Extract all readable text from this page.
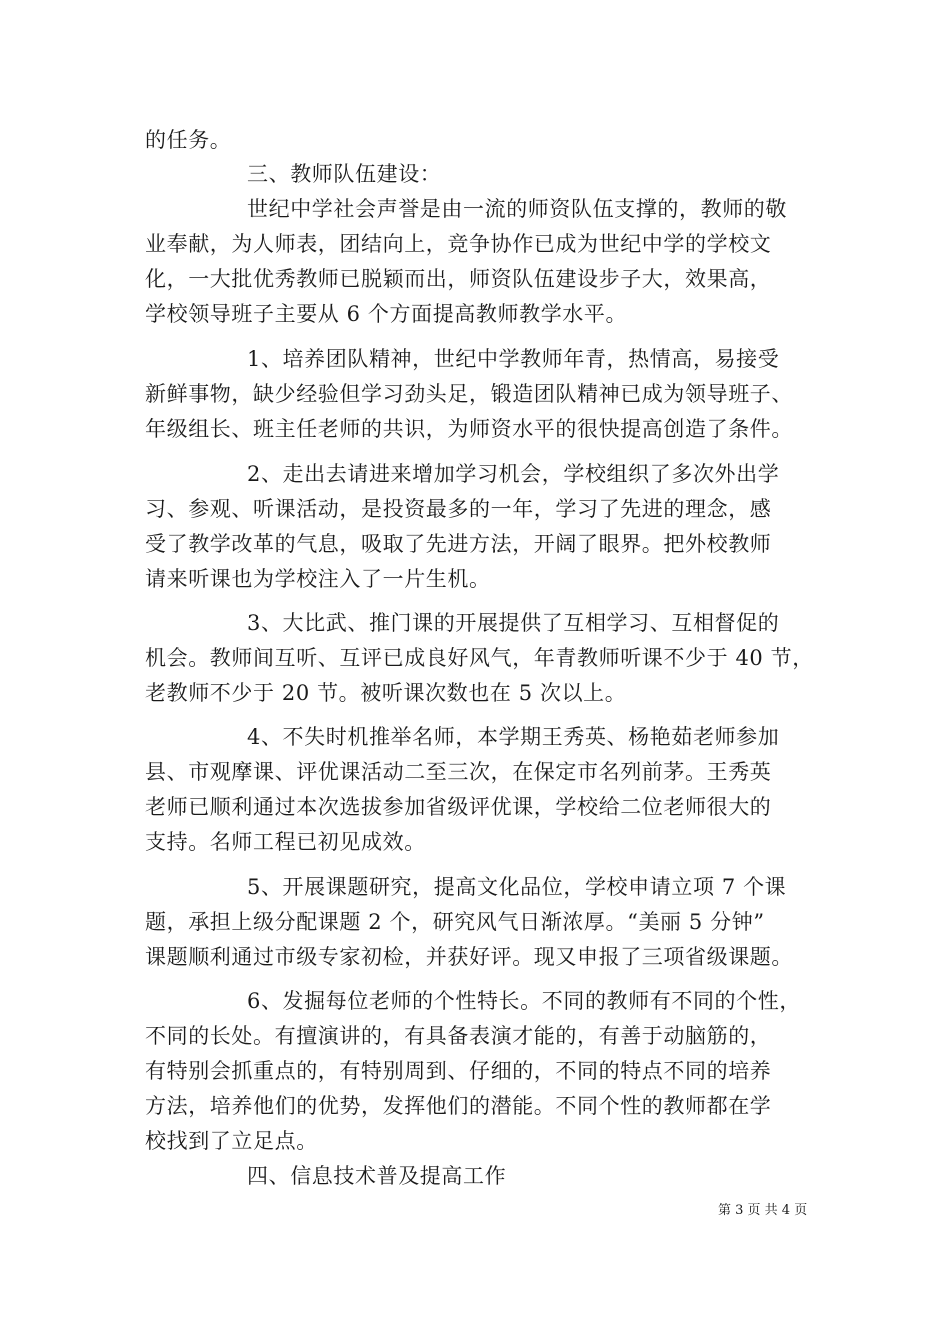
的任务。
三、教师队伍建设：
世纪中学社会声誉是由一流的师资队伍支撑的，教师的敬
业奉献，为人师表，团结向上，竞争协作已成为世纪中学的学校文
化，一大批优秀教师已脱颖而出，师资队伍建设步子大，效果高，
学校领导班子主要从 6 个方面提高教师教学水平。
1、培养团队精神，世纪中学教师年青，热情高，易接受
新鲜事物，缺少经验但学习劲头足，锻造团队精神已成为领导班子、
年级组长、班主任老师的共识，为师资水平的很快提高创造了条件。
2、走出去请进来增加学习机会，学校组织了多次外出学
习、参观、听课活动，是投资最多的一年，学习了先进的理念，感
受了教学改革的气息，吸取了先进方法，开阔了眼界。把外校教师
请来听课也为学校注入了一片生机。
3、大比武、推门课的开展提供了互相学习、互相督促的
机会。教师间互听、互评已成良好风气，年青教师听课不少于 40 节，
老教师不少于 20 节。被听课次数也在 5 次以上。
4、不失时机推举名师，本学期王秀英、杨艳茹老师参加
县、市观摩课、评优课活动二至三次，在保定市名列前茅。王秀英
老师已顺利通过本次选拔参加省级评优课，学校给二位老师很大的
支持。名师工程已初见成效。
5、开展课题研究，提高文化品位，学校申请立项 7 个课
题，承担上级分配课题 2 个，研究风气日渐浓厚。“美丽 5 分钟”
课题顺利通过市级专家初检，并获好评。现又申报了三项省级课题。
6、发掘每位老师的个性特长。不同的教师有不同的个性，
不同的长处。有擅演讲的，有具备表演才能的，有善于动脑筋的，
有特别会抓重点的，有特别周到、仔细的，不同的特点不同的培养
方法，培养他们的优势，发挥他们的潜能。不同个性的教师都在学
校找到了立足点。
四、信息技术普及提高工作
第 3 页 共 4 页
